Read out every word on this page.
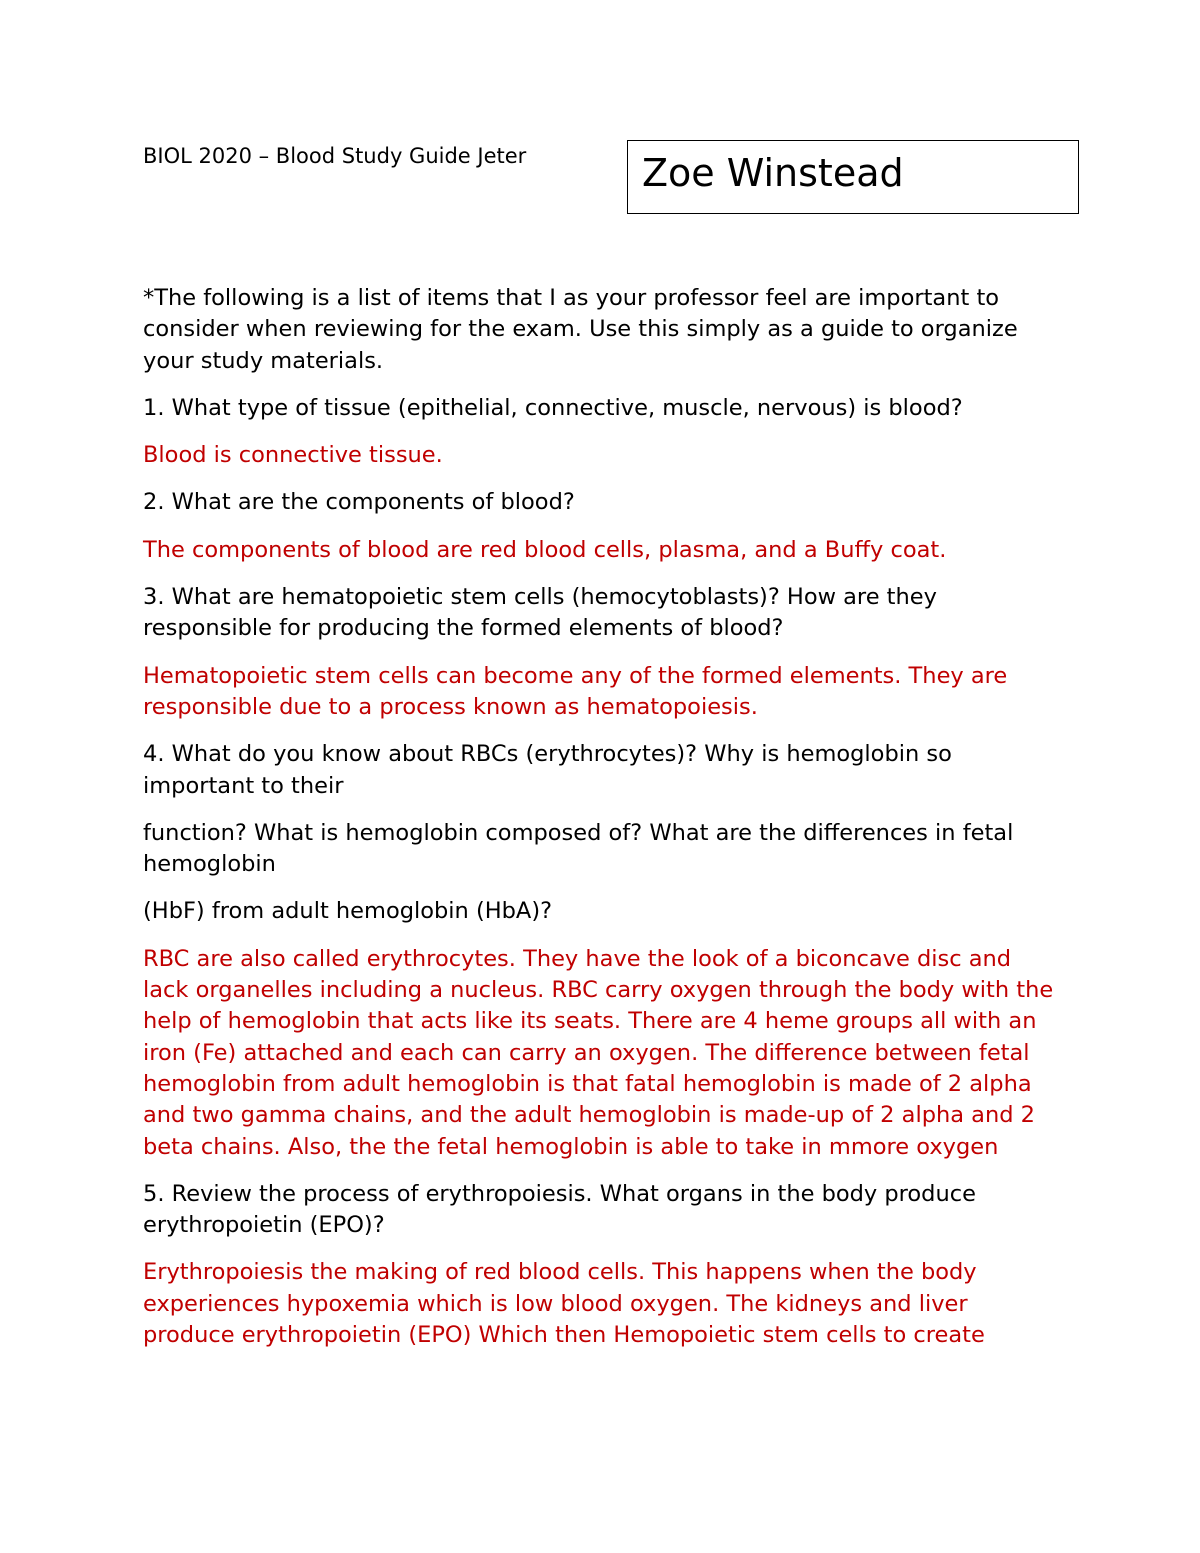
BIOL 2020 – Blood Study Guide Jeter	Zoe Winstead

*The following is a list of items that I as your professor feel are important to consider when reviewing for the exam. Use this simply as a guide to organize your study materials.

1. What type of tissue (epithelial, connective, muscle, nervous) is blood?

Blood is connective tissue.

2. What are the components of blood?

The components of blood are red blood cells, plasma, and a Buffy coat.

3. What are hematopoietic stem cells (hemocytoblasts)? How are they responsible for producing the formed elements of blood?

Hematopoietic stem cells can become any of the formed elements. They are responsible due to a process known as hematopoiesis.

4. What do you know about RBCs (erythrocytes)? Why is hemoglobin so important to their

function? What is hemoglobin composed of? What are the differences in fetal hemoglobin

(HbF) from adult hemoglobin (HbA)?

RBC are also called erythrocytes. They have the look of a biconcave disc and lack organelles including a nucleus. RBC carry oxygen through the body with the help of hemoglobin that acts like its seats. There are 4 heme groups all with an iron (Fe) attached and each can carry an oxygen. The difference between fetal hemoglobin from adult hemoglobin is that fatal hemoglobin is made of 2 alpha and two gamma chains, and the adult hemoglobin is made-up of 2 alpha and 2 beta chains. Also, the the fetal hemoglobin is able to take in mmore oxygen

5. Review the process of erythropoiesis. What organs in the body produce erythropoietin (EPO)?

Erythropoiesis the making of red blood cells. This happens when the body experiences hypoxemia which is low blood oxygen. The kidneys and liver produce erythropoietin (EPO) Which then Hemopoietic stem cells to create
